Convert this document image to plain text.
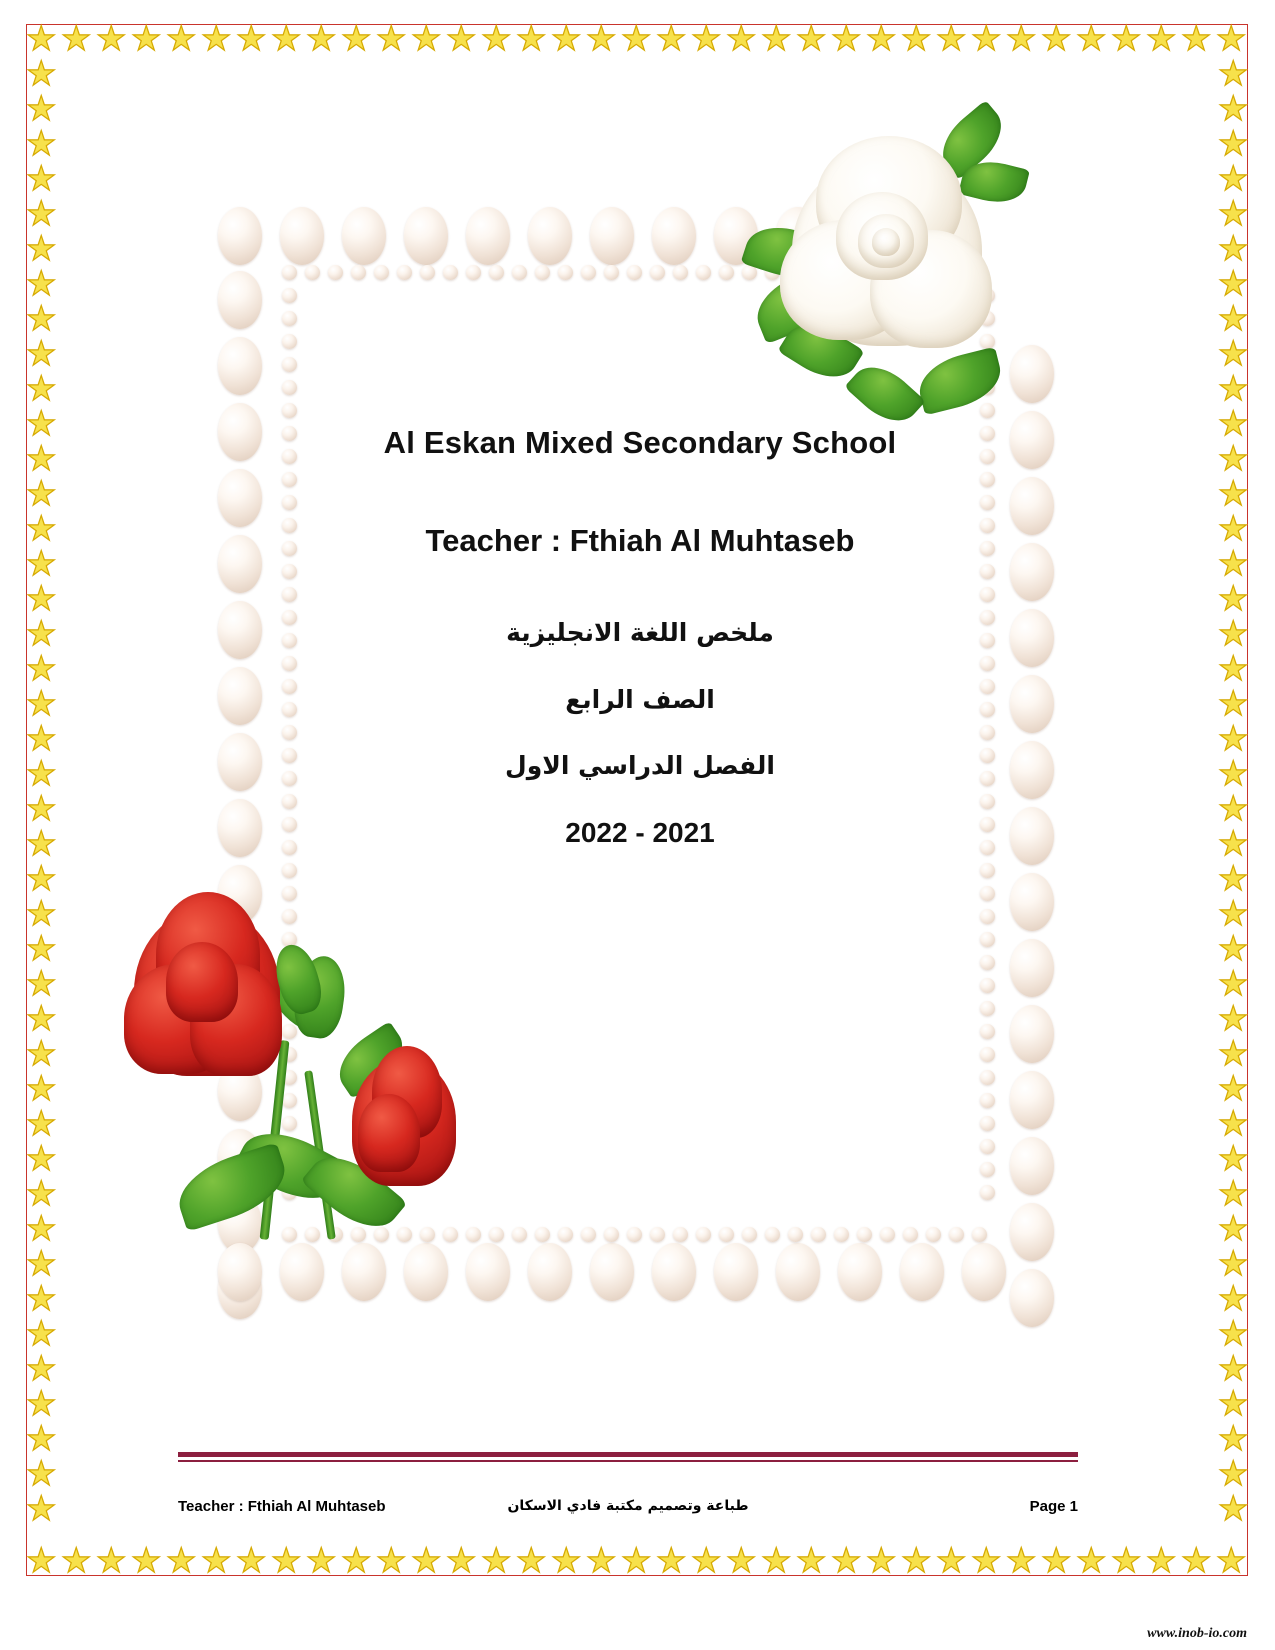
★
★
★
★
★
★
★
★
★
★
★
★
★
★
★
★
★
★
★
★
★
★
★
★
★
★
★
★
★
★
★
★
★
★
★
★
★
★
★
★
★
★
★
★
★
★
★
★
★
★
★
★
★
★
★
★
★
★
★
★
★
★
★
★
★
★
★
★
★
★
★
★
★
★
★
★
★
★
★
★
★
★
★
★
★
★
★
★
★
★
★
★
★
★
★
★
★
★
★
★
★
★
★
★
★
★
★
★
★
★
★
★
★
★
★
★
★
★
★
★
★
★
★
★
★
★
★
★
★
★
★
★
★
★
★
★
★
★
★
★
★
★
★
★
★
★
★
★
★
★
★
★
★
★
Al Eskan Mixed Secondary School
Teacher : Fthiah Al Muhtaseb
ملخص اللغة الانجليزية
الصف الرابع
الفصل الدراسي الاول
2022 - 2021
Teacher : Fthiah Al Muhtaseb	طباعة وتصميم مكتبة فادي الاسكان	Page 1
www.inob-io.com
